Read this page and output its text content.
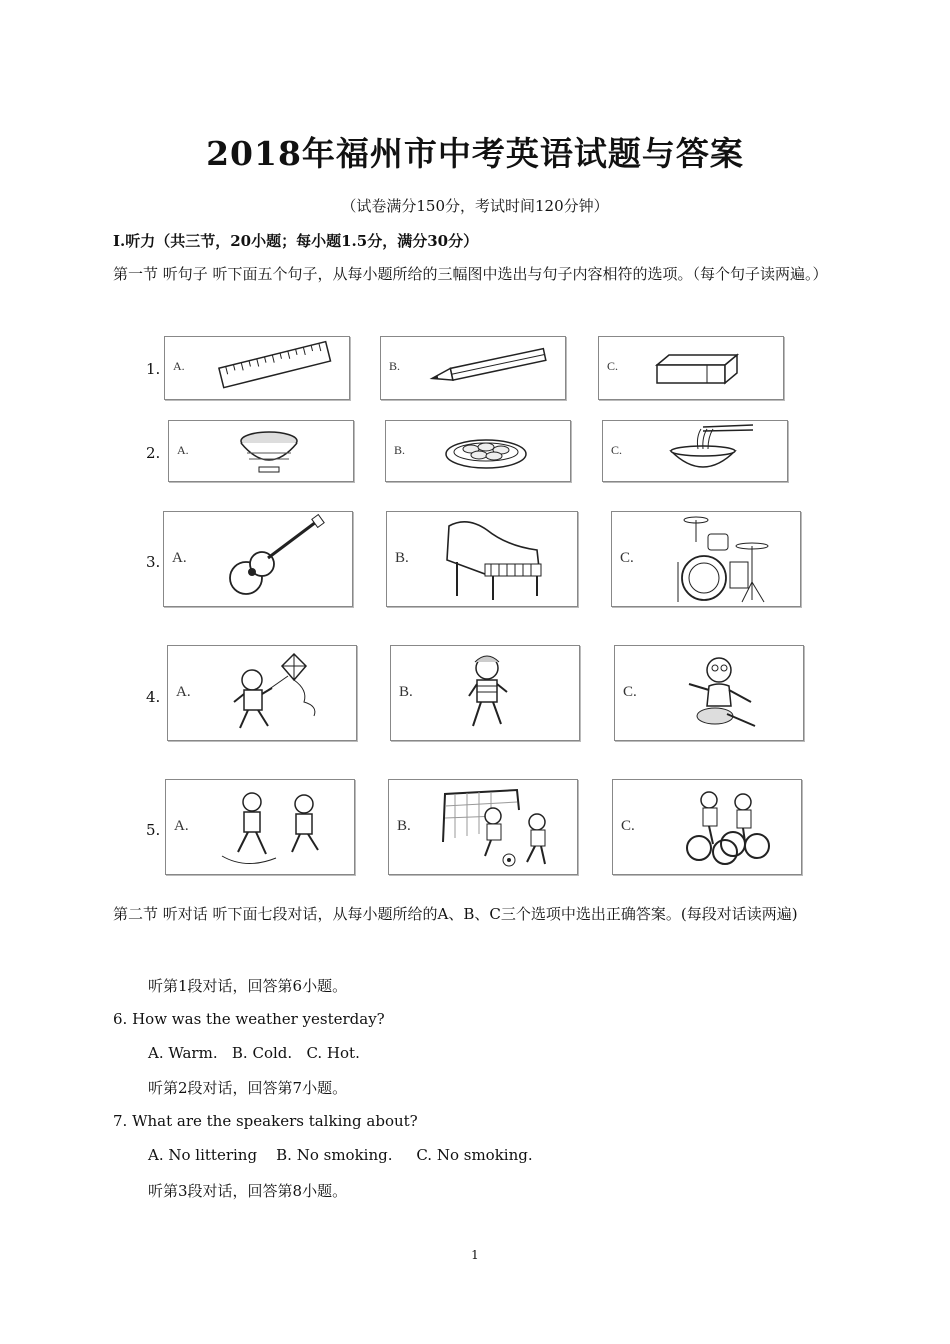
2018年福州市中考英语试题与答案
（试卷满分150分，考试时间120分钟）
I.听力（共三节，20小题；每小题1.5分，满分30分）
第一节 听句子 听下面五个句子，从每小题所给的三幅图中选出与句子内容相符的选项。（每个句子读两遍。）
1. A.	B.	C.
2. A.	B.	C.
3. A.	B.	C.
4. A.	B.	C.
5. A.	B.	C.
第二节 听对话 听下面七段对话，从每小题所给的A、B、C三个选项中选出正确答案。(每段对话读两遍)
听第1段对话，回答第6小题。
6. How was the weather yesterday?
A. Warm. B. Cold. C. Hot.
听第2段对话，回答第7小题。
7. What are the speakers talking about?
A. No littering B. No smoking. C. No smoking.
听第3段对话，回答第8小题。
1
